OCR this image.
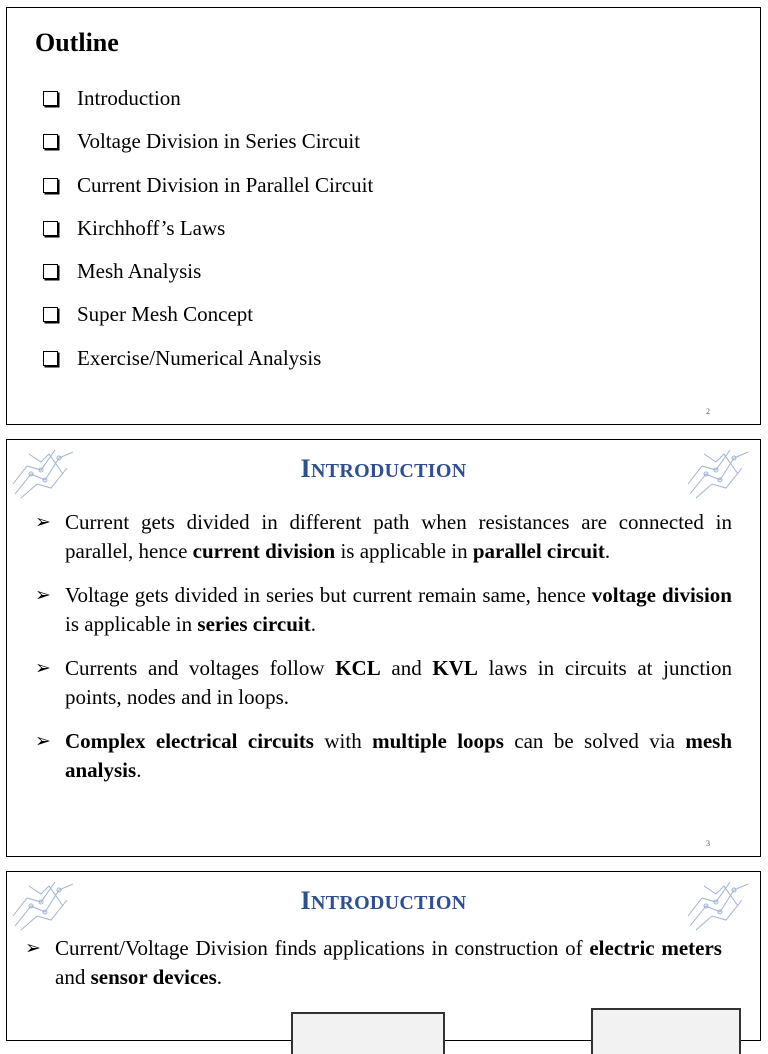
Outline
Introduction
Voltage Division in Series Circuit
Current Division in Parallel Circuit
Kirchhoff’s Laws
Mesh Analysis
Super Mesh Concept
Exercise/Numerical Analysis
2
INTRODUCTION
➢ Current gets divided in different path when resistances are connected in parallel, hence current division is applicable in parallel circuit.
➢ Voltage gets divided in series but current remain same, hence voltage division is applicable in series circuit.
➢ Currents and voltages follow KCL and KVL laws in circuits at junction points, nodes and in loops.
➢ Complex electrical circuits with multiple loops can be solved via mesh analysis.
3
INTRODUCTION
➢ Current/Voltage Division finds applications in construction of electric meters and sensor devices.
